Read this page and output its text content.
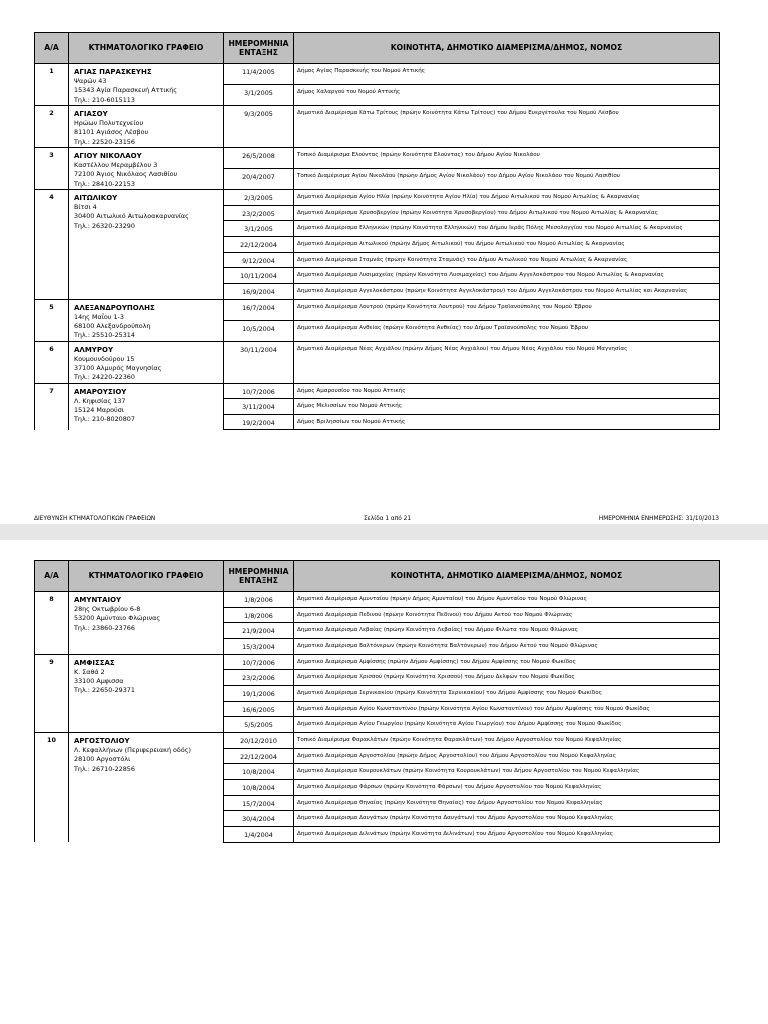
Α/Α	ΚΤΗΜΑΤΟΛΟΓΙΚΟ ΓΡΑΦΕΙΟ	ΗΜΕΡΟΜΗΝΙΑ ΕΝΤΑΞΗΣ	ΚΟΙΝΟΤΗΤΑ, ΔΗΜΟΤΙΚΟ ΔΙΑΜΕΡΙΣΜΑ/ΔΗΜΟΣ, ΝΟΜΟΣ
1	ΑΓΙΑΣ ΠΑΡΑΣΚΕΥΗΣ
Ψαρών 43
15343 Αγία Παρασκευή Αττικής
Τηλ.: 210-6015113	11/4/2005	Δήμος Αγίας Παρασκευής του Νομού Αττικής
		3/1/2005	Δήμος Χαλαργού του Νομού Αττικής
2	ΑΓΙΑΣΟΥ
Ηρώων Πολυτεχνείου
81101 Αγιάσος Λέσβου
Τηλ.: 22520-23156	9/3/2005	Δημοτικό Διαμέρισμα Κάτω Τρίτους (πρώην Κοινότητα Κάτω Τρίτους) του Δήμου Ευεργέτουλα του Νομού Λέσβου
3	ΑΓΙΟΥ ΝΙΚΟΛΑΟΥ
Καστέλλου Μεραμβέλου 3
72100 Άγιος Νικόλαος Λασιθίου
Τηλ.: 28410-22153	26/5/2008	Τοπικό Διαμέρισμα Ελούντας (πρώην Κοινότητα Ελούντας) του Δήμου Αγίου Νικολάου
		20/4/2007	Τοπικό Διαμέρισμα Αγίου Νικολάου (πρώην Δήμος Αγίου Νικολάου) του Δήμου Αγίου Νικολάου του Νομού Λασιθίου
4	ΑΙΤΩΛΙΚΟΥ
Βίτσι 4
30400 Αιτωλικό Αιτωλοακαρνανίας
Τηλ.: 26320-23290	2/3/2005	Δημοτικό Διαμέρισμα Αγίου Ηλία (πρώην Κοινότητα Αγίου Ηλία) του Δήμου Αιτωλικού του Νομού Αιτωλίας & Ακαρνανίας
		23/2/2005	Δημοτικό Διαμέρισμα Χρυσοβεργίου (πρώην Κοινότητα Χρυσοβεργίου) του Δήμου Αιτωλικού του Νομού Αιτωλίας & Ακαρνανίας
		3/1/2005	Δημοτικό Διαμέρισμα Ελληνικών (πρώην Κοινότητα Ελληνικών) του Δήμου Ιεράς Πόλης Μεσολογγίου του Νομού Αιτωλίας & Ακαρνανίας
		22/12/2004	Δημοτικό Διαμέρισμα Αιτωλικού (πρώην Δήμος Αιτωλικού) του Δήμου Αιτωλικού του Νομού Αιτωλίας & Ακαρνανίας
		9/12/2004	Δημοτικό Διαμέρισμα Σταμνάς (πρώην Κοινότητα Σταμνάς) του Δήμου Αιτωλικού του Νομού Αιτωλίας & Ακαρνανίας
		10/11/2004	Δημοτικό Διαμέρισμα Λυσιμαχείας (πρώην Κοινότητα Λυσιμαχείας) του Δήμου Αγγελοκάστρου του Νομού Αιτωλίας & Ακαρνανίας
		16/9/2004	Δημοτικό Διαμέρισμα Αγγελοκάστρου (πρώην Κοινότητα Αγγελοκάστρου) του Δήμου Αγγελοκάστρου του Νομού Αιτωλίας και Ακαρνανίας
5	ΑΛΕΞΑΝΔΡΟΥΠΟΛΗΣ
14ης Μαΐου 1-3
68100 Αλεξανδρούπολη
Τηλ.: 25510-25314	16/7/2004	Δημοτικό Διαμέρισμα Λουτρού (πρώην Κοινότητα Λουτρού) του Δήμου Τραϊανούπολης του Νομού Έβρου
		10/5/2004	Δημοτικό Διαμέρισμα Ανθείας (πρώην Κοινότητα Ανθείας) του Δήμου Τραϊανούπολης του Νομού Έβρου
6	ΑΛΜΥΡΟΥ
Κουμουνδούρου 15
37100 Αλμυρός Μαγνησίας
Τηλ.: 24220-22360	30/11/2004	Δημοτικό Διαμέρισμα Νέας Αγχιάλου (πρώην Δήμος Νέας Αγχιάλου) του Δήμου Νέας Αγχιάλου του Νομού Μαγνησίας
7	ΑΜΑΡΟΥΣΙΟΥ
Λ. Κηφισίας 137
15124 Μαρούσι
Τηλ.: 210-8020807	10/7/2006	Δήμος Αμαρουσίου του Νομού Αττικής
		3/11/2004	Δήμος Μελισσίων του Νομού Αττικής
		19/2/2004	Δήμος Βριλησσίων του Νομού Αττικής
ΔΙΕΥΘΥΝΣΗ ΚΤΗΜΑΤΟΛΟΓΙΚΩΝ ΓΡΑΦΕΙΩΝ	Σελίδα 1 από 21	ΗΜΕΡΟΜΗΝΙΑ ΕΝΗΜΕΡΩΣΗΣ: 31/10/2013
Α/Α	ΚΤΗΜΑΤΟΛΟΓΙΚΟ ΓΡΑΦΕΙΟ	ΗΜΕΡΟΜΗΝΙΑ ΕΝΤΑΞΗΣ	ΚΟΙΝΟΤΗΤΑ, ΔΗΜΟΤΙΚΟ ΔΙΑΜΕΡΙΣΜΑ/ΔΗΜΟΣ, ΝΟΜΟΣ
8	ΑΜΥΝΤΑΙΟΥ
28ης Οκτωβρίου 6-8
53200 Αμύνταιο Φλώρινας
Τηλ.: 23860-23766	1/8/2006	Δημοτικό Διαμέρισμα Αμυνταίου (πρώην Δήμος Αμυνταίου) του Δήμου Αμυνταίου του Νομού Φλώρινας
		1/8/2006	Δημοτικό Διαμέρισμα Πεδινού (πρώην Κοινότητα Πεδινού) του Δήμου Αετού του Νομού Φλώρινας
		21/9/2004	Δημοτικό Διαμέρισμα Λεβαίας (πρώην Κοινότητα Λεβαίας) του Δήμου Φιλώτα του Νομού Φλώρινας
		15/3/2004	Δημοτικό Διαμέρισμα Βαλτόνερων (πρώην Κοινότητα Βαλτόνερων) του Δήμου Αετού του Νομού Φλώρινας
9	ΑΜΦΙΣΣΑΣ
Κ. Σαθά 2
33100 Αμφισσα
Τηλ.: 22650-29371	10/7/2006	Δημοτικό Διαμέρισμα Αμφίσσης (πρώην Δήμου Αμφίσσης) του Δήμου Αμφίσσης του Νομού Φωκίδος
		23/2/2006	Δημοτικό Διαμέρισμα Χρισσού (πρώην Κοινότητα Χρισσού) του Δήμου Δελφών του Νομού Φωκίδος
		19/1/2006	Δημοτικό Διαμέρισμα Σερνικακίου (πρώην Κοινότητα Σερνικακίου) του Δήμου Αμφίσσης του Νομού Φωκίδος
		16/6/2005	Δημοτικό Διαμέρισμα Αγίου Κωνσταντίνου (πρώην Κοινότητα Αγίου Κωνσταντίνου) του Δήμου Αμφίσσης του Νομού Φωκίδας
		5/5/2005	Δημοτικό Διαμέρισμα Αγίου Γεωργίου (πρώην Κοινότητα Αγίου Γεωργίου) του Δήμου Αμφίσσης του Νομού Φωκίδος
10	ΑΡΓΟΣΤΟΛΙΟΥ
Λ. Κεφαλλήνων (Περιφερειακή οδός)
28100 Αργοστόλι
Τηλ.: 26710-22856	20/12/2010	Τοπικό Διαμέρισμα Φαρακλάτων (πρώην Κοινότητα Φαρακλάτων) του Δήμου Αργοστολίου του Νομού Κεφαλληνίας
		22/12/2004	Δημοτικό Διαμέρισμα Αργοστολίου (πρώην Δήμος Αργοστολίου) του Δήμου Αργοστολίου του Νομού Κεφαλληνίας
		10/8/2004	Δημοτικό Διαμέρισμα Κουρουκλάτων (πρώην Κοινότητα Κουρουκλάτων) του Δήμου Αργοστολίου του Νομού Κεφαλληνίας
		10/8/2004	Δημοτικό Διαμέρισμα Φάρσων (πρώην Κοινότητα Φάρσων) του Δήμου Αργοστολίου του Νομού Κεφαλληνίας
		15/7/2004	Δημοτικό Διαμέρισμα Θηναίας (πρώην Κοινότητα Θηναίας) του Δήμου Αργοστολίου του Νομού Κεφαλληνίας
		30/4/2004	Δημοτικό Διαμέρισμα Δαυγάτων (πρώην Κοινότητα Δαυγάτων) του Δήμου Αργοστολίου του Νομού Κεφαλληνίας
		1/4/2004	Δημοτικό Διαμέρισμα Διλινάτων (πρώην Κοινότητα Διλινάτων) του Δήμου Αργοστολίου του Νομού Κεφαλληνίας
